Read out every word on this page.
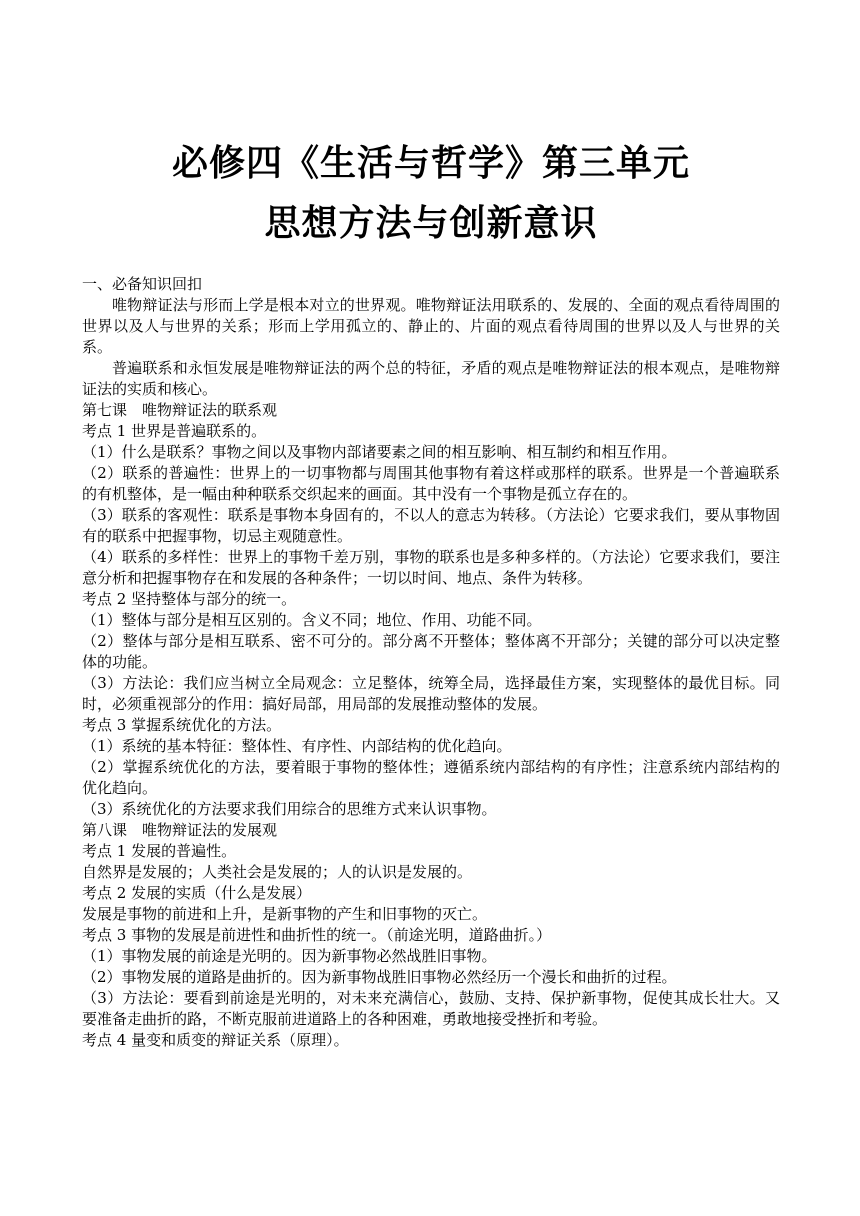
必修四《生活与哲学》第三单元
思想方法与创新意识

一、必备知识回扣

唯物辩证法与形而上学是根本对立的世界观。唯物辩证法用联系的、发展的、全面的观点看待周围的世界以及人与世界的关系；形而上学用孤立的、静止的、片面的观点看待周围的世界以及人与世界的关系。

普遍联系和永恒发展是唯物辩证法的两个总的特征，矛盾的观点是唯物辩证法的根本观点，是唯物辩证法的实质和核心。

第七课　唯物辩证法的联系观

考点 1 世界是普遍联系的。

（1）什么是联系？事物之间以及事物内部诸要素之间的相互影响、相互制约和相互作用。

（2）联系的普遍性：世界上的一切事物都与周围其他事物有着这样或那样的联系。世界是一个普遍联系的有机整体，是一幅由种种联系交织起来的画面。其中没有一个事物是孤立存在的。

（3）联系的客观性：联系是事物本身固有的，不以人的意志为转移。（方法论）它要求我们，要从事物固有的联系中把握事物，切忌主观随意性。

（4）联系的多样性：世界上的事物千差万别，事物的联系也是多种多样的。（方法论）它要求我们，要注意分析和把握事物存在和发展的各种条件；一切以时间、地点、条件为转移。

考点 2 坚持整体与部分的统一。

（1）整体与部分是相互区别的。含义不同；地位、作用、功能不同。

（2）整体与部分是相互联系、密不可分的。部分离不开整体；整体离不开部分；关键的部分可以决定整体的功能。

（3）方法论：我们应当树立全局观念：立足整体，统筹全局，选择最佳方案，实现整体的最优目标。同时，必须重视部分的作用：搞好局部，用局部的发展推动整体的发展。

考点 3 掌握系统优化的方法。

（1）系统的基本特征：整体性、有序性、内部结构的优化趋向。

（2）掌握系统优化的方法，要着眼于事物的整体性；遵循系统内部结构的有序性；注意系统内部结构的优化趋向。

（3）系统优化的方法要求我们用综合的思维方式来认识事物。

第八课　唯物辩证法的发展观

考点 1 发展的普遍性。

自然界是发展的；人类社会是发展的；人的认识是发展的。

考点 2 发展的实质（什么是发展）

发展是事物的前进和上升，是新事物的产生和旧事物的灭亡。

考点 3 事物的发展是前进性和曲折性的统一。（前途光明，道路曲折。）

（1）事物发展的前途是光明的。因为新事物必然战胜旧事物。

（2）事物发展的道路是曲折的。因为新事物战胜旧事物必然经历一个漫长和曲折的过程。

（3）方法论：要看到前途是光明的，对未来充满信心，鼓励、支持、保护新事物，促使其成长壮大。又要准备走曲折的路，不断克服前进道路上的各种困难，勇敢地接受挫折和考验。

考点 4 量变和质变的辩证关系（原理）。
